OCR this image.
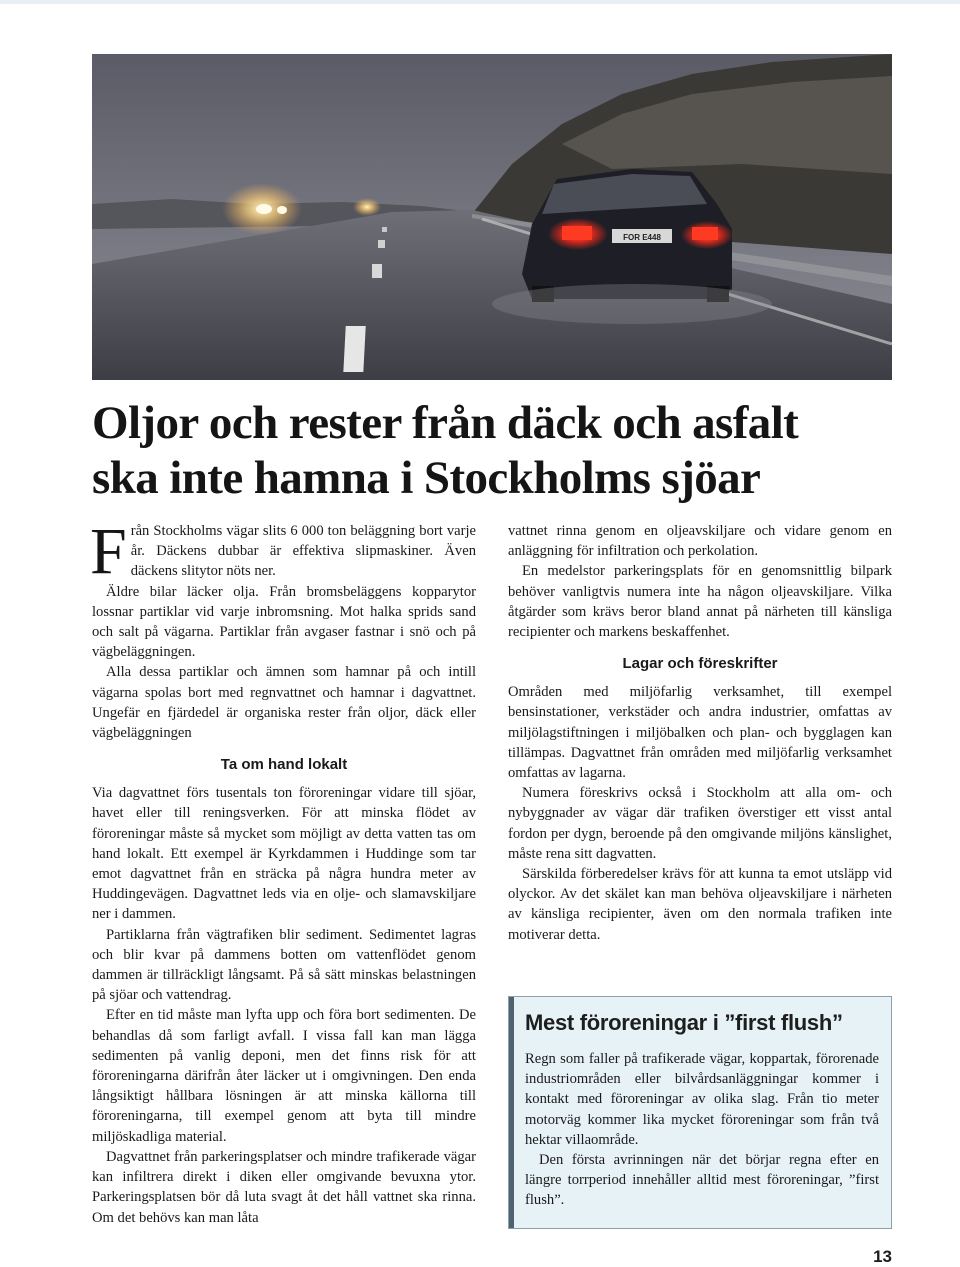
FOR E448
Oljor och rester från däck och asfalt
ska inte hamna i Stockholms sjöar

Från Stockholms vägar slits 6 000 ton beläggning bort varje år. Däckens dubbar är effektiva slipmaskiner. Även däckens slitytor nöts ner.

Äldre bilar läcker olja. Från bromsbeläggens kopparytor lossnar partiklar vid varje inbromsning. Mot halka sprids sand och salt på vägarna. Partiklar från avgaser fastnar i snö och på vägbeläggningen.

Alla dessa partiklar och ämnen som hamnar på och intill vägarna spolas bort med regnvattnet och hamnar i dagvattnet. Ungefär en fjärdedel är organiska rester från oljor, däck eller vägbeläggningen

Ta om hand lokalt

Via dagvattnet förs tusentals ton föroreningar vidare till sjöar, havet eller till reningsverken. För att minska flödet av föroreningar måste så mycket som möjligt av detta vatten tas om hand lokalt. Ett exempel är Kyrkdammen i Huddinge som tar emot dagvattnet från en sträcka på några hundra meter av Huddingevägen. Dagvattnet leds via en olje- och slamavskiljare ner i dammen.

Partiklarna från vägtrafiken blir sediment. Sedimentet lagras och blir kvar på dammens botten om vattenflödet genom dammen är tillräckligt långsamt. På så sätt minskas belastningen på sjöar och vattendrag.

Efter en tid måste man lyfta upp och föra bort sedimenten. De behandlas då som farligt avfall. I vissa fall kan man lägga sedimenten på vanlig deponi, men det finns risk för att föroreningarna därifrån åter läcker ut i omgivningen. Den enda långsiktigt hållbara lösningen är att minska källorna till föroreningarna, till exempel genom att byta till mindre miljöskadliga material.

Dagvattnet från parkeringsplatser och mindre trafikerade vägar kan infiltrera direkt i diken eller omgivande bevuxna ytor. Parkeringsplatsen bör då luta svagt åt det håll vattnet ska rinna. Om det behövs kan man låta

vattnet rinna genom en oljeavskiljare och vidare genom en anläggning för infiltration och perkolation.

En medelstor parkeringsplats för en genomsnittlig bilpark behöver vanligtvis numera inte ha någon oljeavskiljare. Vilka åtgärder som krävs beror bland annat på närheten till känsliga recipienter och markens beskaffenhet.

Lagar och föreskrifter

Områden med miljöfarlig verksamhet, till exempel bensinstationer, verkstäder och andra industrier, omfattas av miljölagstiftningen i miljöbalken och plan- och bygglagen kan tillämpas. Dagvattnet från områden med miljöfarlig verksamhet omfattas av lagarna.

Numera föreskrivs också i Stockholm att alla om- och nybyggnader av vägar där trafiken överstiger ett visst antal fordon per dygn, beroende på den omgivande miljöns känslighet, måste rena sitt dagvatten.

Särskilda förberedelser krävs för att kunna ta emot utsläpp vid olyckor. Av det skälet kan man behöva oljeavskiljare i närheten av känsliga recipienter, även om den normala trafiken inte motiverar detta.

Mest föroreningar i ”first flush”

Regn som faller på trafikerade vägar, koppartak, förorenade industriområden eller bilvårdsanläggningar kommer i kontakt med föroreningar av olika slag. Från tio meter motorväg kommer lika mycket föroreningar som från två hektar villaområde.

Den första avrinningen när det börjar regna efter en längre torrperiod innehåller alltid mest föroreningar, ”first flush”.

13
